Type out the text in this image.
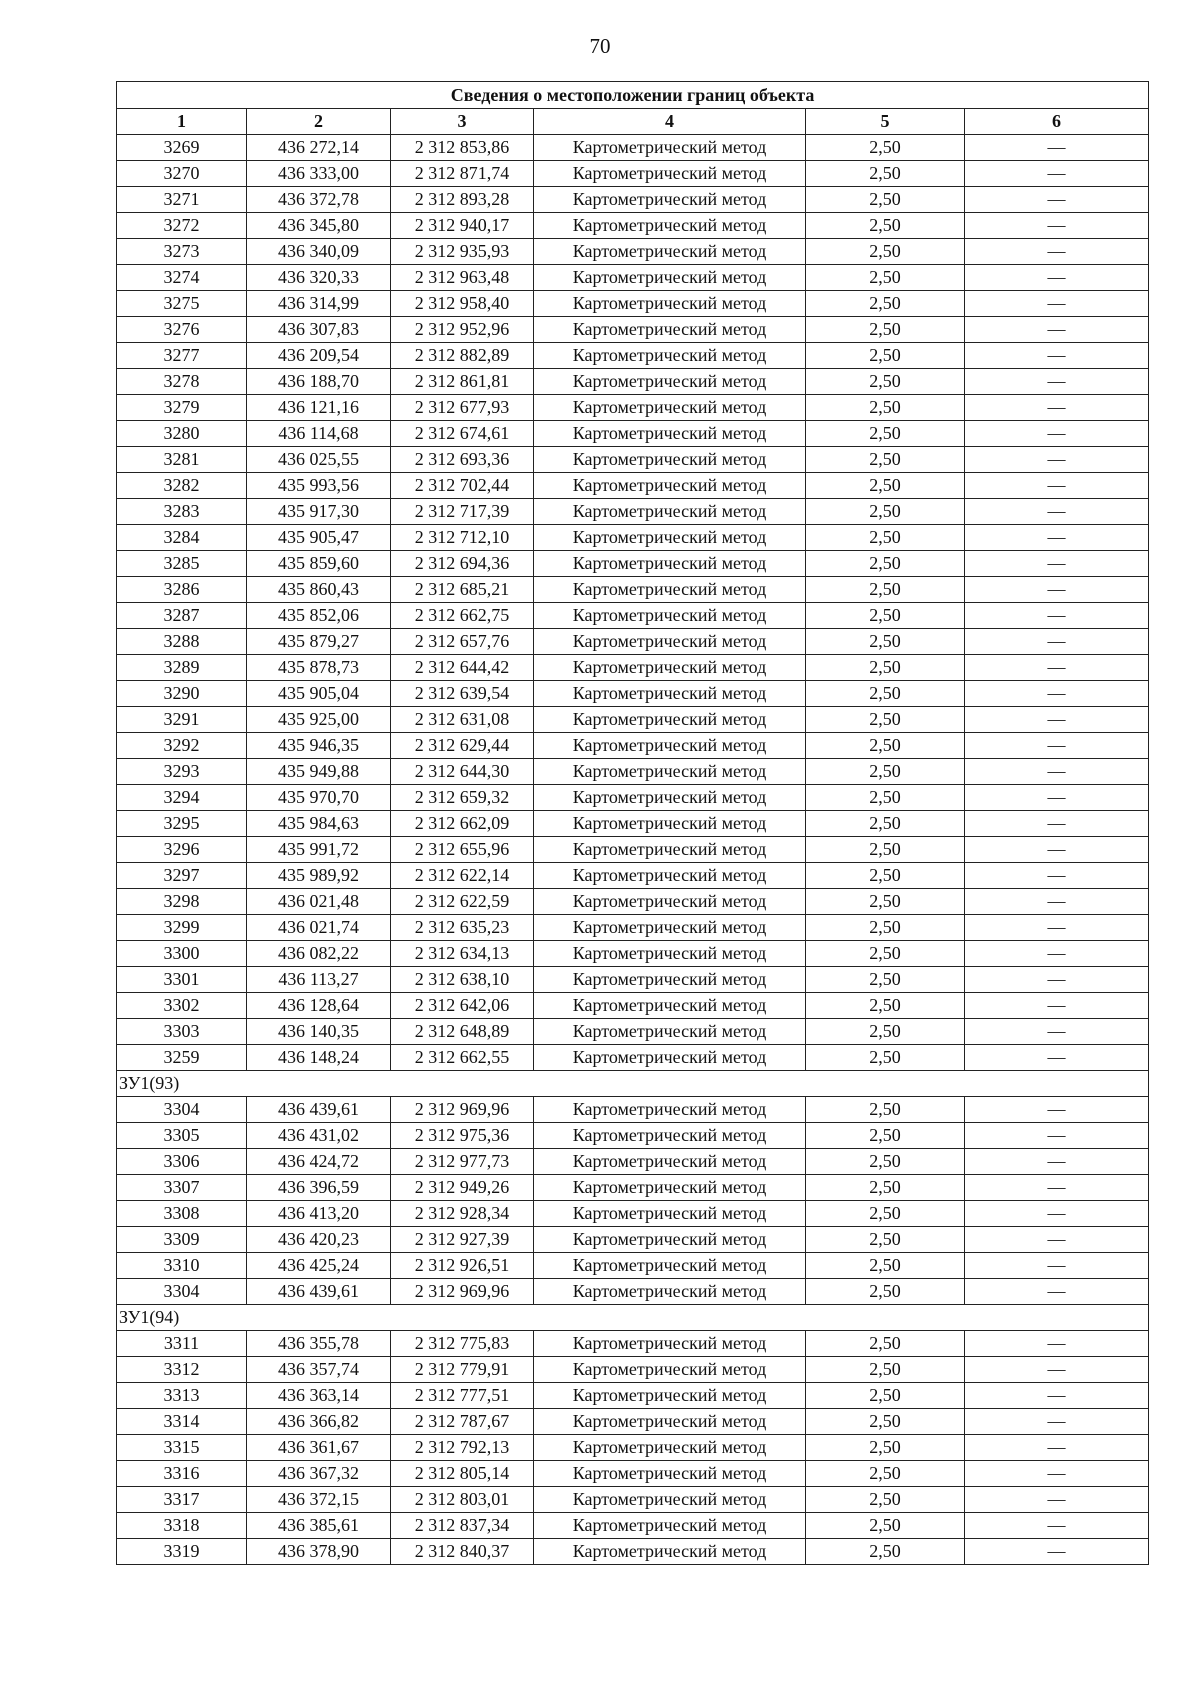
70
Сведения о местоположении границ объекта					
1	2	3	4	5	6
3269	436 272,14	2 312 853,86	Картометрический метод	2,50	—
3270	436 333,00	2 312 871,74	Картометрический метод	2,50	—
3271	436 372,78	2 312 893,28	Картометрический метод	2,50	—
3272	436 345,80	2 312 940,17	Картометрический метод	2,50	—
3273	436 340,09	2 312 935,93	Картометрический метод	2,50	—
3274	436 320,33	2 312 963,48	Картометрический метод	2,50	—
3275	436 314,99	2 312 958,40	Картометрический метод	2,50	—
3276	436 307,83	2 312 952,96	Картометрический метод	2,50	—
3277	436 209,54	2 312 882,89	Картометрический метод	2,50	—
3278	436 188,70	2 312 861,81	Картометрический метод	2,50	—
3279	436 121,16	2 312 677,93	Картометрический метод	2,50	—
3280	436 114,68	2 312 674,61	Картометрический метод	2,50	—
3281	436 025,55	2 312 693,36	Картометрический метод	2,50	—
3282	435 993,56	2 312 702,44	Картометрический метод	2,50	—
3283	435 917,30	2 312 717,39	Картометрический метод	2,50	—
3284	435 905,47	2 312 712,10	Картометрический метод	2,50	—
3285	435 859,60	2 312 694,36	Картометрический метод	2,50	—
3286	435 860,43	2 312 685,21	Картометрический метод	2,50	—
3287	435 852,06	2 312 662,75	Картометрический метод	2,50	—
3288	435 879,27	2 312 657,76	Картометрический метод	2,50	—
3289	435 878,73	2 312 644,42	Картометрический метод	2,50	—
3290	435 905,04	2 312 639,54	Картометрический метод	2,50	—
3291	435 925,00	2 312 631,08	Картометрический метод	2,50	—
3292	435 946,35	2 312 629,44	Картометрический метод	2,50	—
3293	435 949,88	2 312 644,30	Картометрический метод	2,50	—
3294	435 970,70	2 312 659,32	Картометрический метод	2,50	—
3295	435 984,63	2 312 662,09	Картометрический метод	2,50	—
3296	435 991,72	2 312 655,96	Картометрический метод	2,50	—
3297	435 989,92	2 312 622,14	Картометрический метод	2,50	—
3298	436 021,48	2 312 622,59	Картометрический метод	2,50	—
3299	436 021,74	2 312 635,23	Картометрический метод	2,50	—
3300	436 082,22	2 312 634,13	Картометрический метод	2,50	—
3301	436 113,27	2 312 638,10	Картометрический метод	2,50	—
3302	436 128,64	2 312 642,06	Картометрический метод	2,50	—
3303	436 140,35	2 312 648,89	Картометрический метод	2,50	—
3259	436 148,24	2 312 662,55	Картометрический метод	2,50	—
ЗУ1(93)					
3304	436 439,61	2 312 969,96	Картометрический метод	2,50	—
3305	436 431,02	2 312 975,36	Картометрический метод	2,50	—
3306	436 424,72	2 312 977,73	Картометрический метод	2,50	—
3307	436 396,59	2 312 949,26	Картометрический метод	2,50	—
3308	436 413,20	2 312 928,34	Картометрический метод	2,50	—
3309	436 420,23	2 312 927,39	Картометрический метод	2,50	—
3310	436 425,24	2 312 926,51	Картометрический метод	2,50	—
3304	436 439,61	2 312 969,96	Картометрический метод	2,50	—
ЗУ1(94)					
3311	436 355,78	2 312 775,83	Картометрический метод	2,50	—
3312	436 357,74	2 312 779,91	Картометрический метод	2,50	—
3313	436 363,14	2 312 777,51	Картометрический метод	2,50	—
3314	436 366,82	2 312 787,67	Картометрический метод	2,50	—
3315	436 361,67	2 312 792,13	Картометрический метод	2,50	—
3316	436 367,32	2 312 805,14	Картометрический метод	2,50	—
3317	436 372,15	2 312 803,01	Картометрический метод	2,50	—
3318	436 385,61	2 312 837,34	Картометрический метод	2,50	—
3319	436 378,90	2 312 840,37	Картометрический метод	2,50	—
